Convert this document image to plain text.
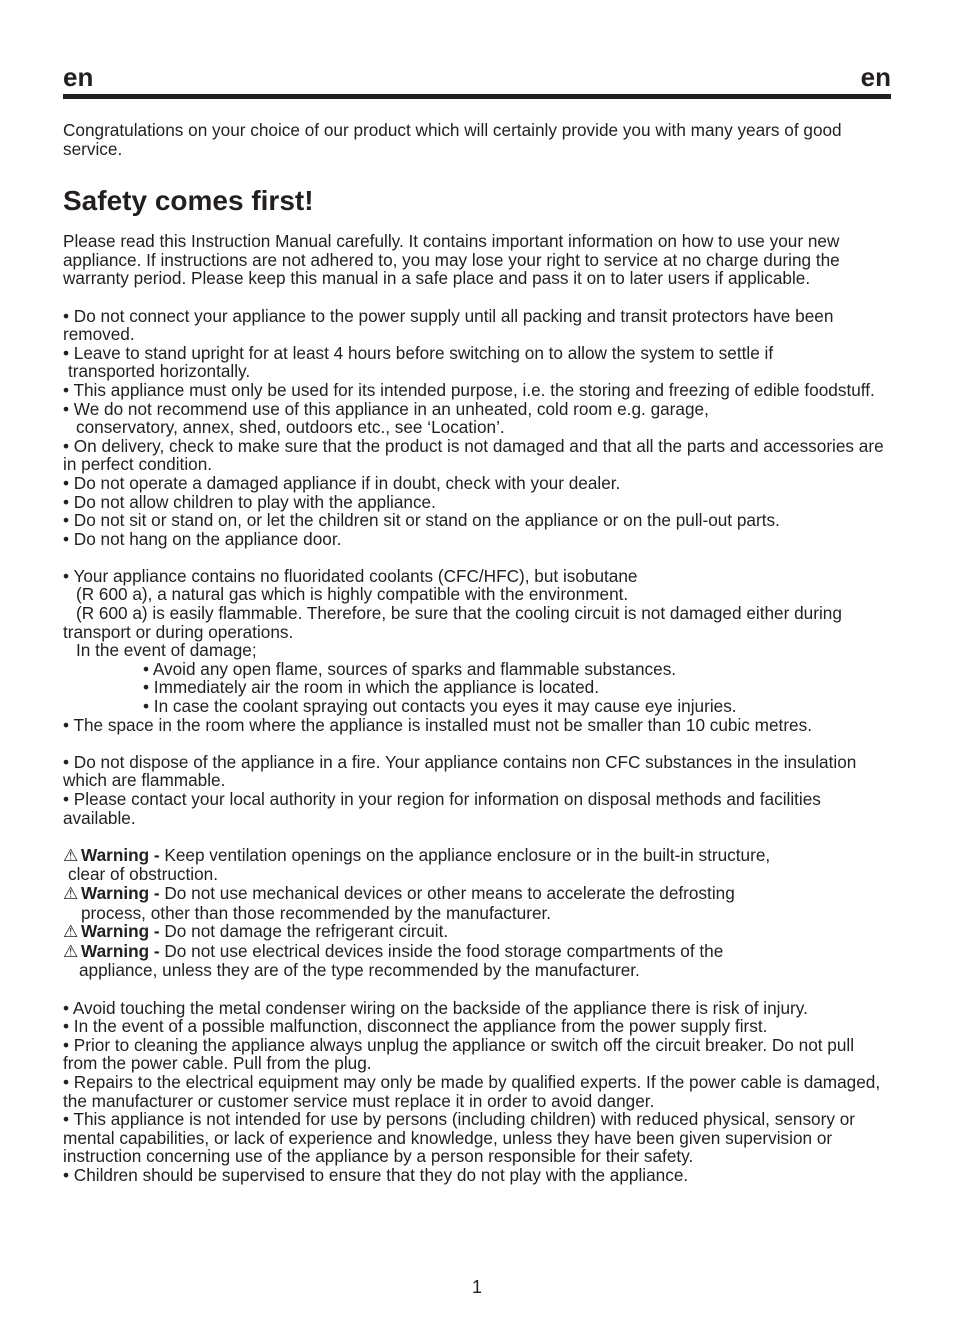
en	en

Congratulations on your choice of our product which will certainly provide you with many years of good service.

Safety comes first!

Please read this Instruction Manual carefully. It contains important information on how to use your new appliance. If instructions are not adhered to, you may lose your right to service at no charge during the warranty period. Please keep this manual in a safe place and pass it on to later users if applicable.

• Do not connect your appliance to the power supply until all packing and transit protectors have been removed.

• Leave to stand upright for at least 4 hours before switching on to allow the system to settle if

transported horizontally.

• This appliance must only be used for its intended purpose, i.e. the storing and freezing of edible foodstuff.

• We do not recommend use of this appliance in an unheated, cold room e.g. garage,

conservatory, annex, shed, outdoors etc., see ‘Location’.

• On delivery, check to make sure that the product is not damaged and that all the parts and accessories are in perfect condition.

• Do not operate a damaged appliance if in doubt, check with your dealer.

• Do not allow children to play with the appliance.

• Do not sit or stand on, or let the children sit or stand on the appliance or on the pull-out parts.

• Do not hang on the appliance door.

• Your appliance contains no fluoridated coolants (CFC/HFC), but isobutane

(R 600 a), a natural gas which is highly compatible with the environment.

(R 600 a) is easily flammable. Therefore, be sure that the cooling circuit is not damaged either during transport or during operations.

In the event of damage;

• Avoid any open flame, sources of sparks and flammable substances.

• Immediately air the room in which the appliance is located.

• In case the coolant spraying out contacts you eyes it may cause eye injuries.

• The space in the room where the appliance is installed must not be smaller than 10 cubic metres.

• Do not dispose of the appliance in a fire. Your appliance contains non CFC substances in the insulation which are flammable.

• Please contact your local authority in your region for information on disposal methods and facilities available.

⚠ Warning - Keep ventilation openings on the appliance enclosure or in the built-in structure,

clear of obstruction.

⚠ Warning - Do not use mechanical devices or other means to accelerate the defrosting

process, other than those recommended by the manufacturer.

⚠ Warning - Do not damage the refrigerant circuit.

⚠ Warning - Do not use electrical devices inside the food storage compartments of the

appliance, unless they are of the type recommended by the manufacturer.

• Avoid touching the metal condenser wiring on the backside of the appliance there is risk of injury.

• In the event of a possible malfunction, disconnect the appliance from the power supply first.

• Prior to cleaning the appliance always unplug the appliance or switch off the circuit breaker. Do not pull from the power cable. Pull from the plug.

• Repairs to the electrical equipment may only be made by qualified experts. If the power cable is damaged, the manufacturer or customer service must replace it in order to avoid danger.

• This appliance is not intended for use by persons (including children) with reduced physical, sensory or mental capabilities, or lack of experience and knowledge, unless they have been given supervision or instruction concerning use of the appliance by a person responsible for their safety.

• Children should be supervised to ensure that they do not play with the appliance.

1
